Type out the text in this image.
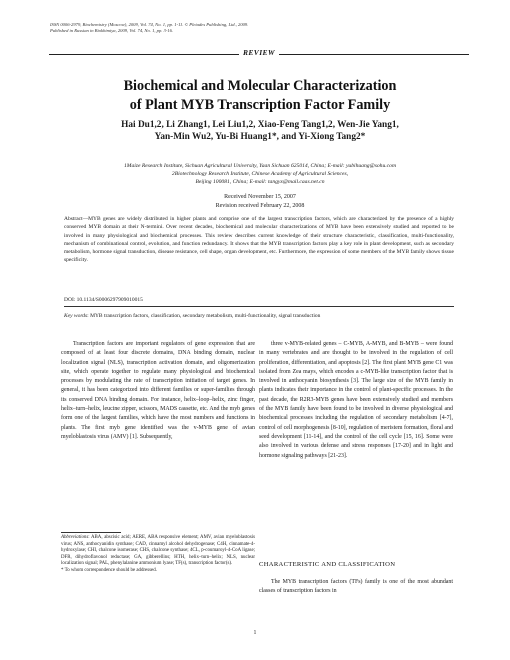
ISSN 0006-2979, Biochemistry (Moscow), 2009, Vol. 74, No. 1, pp. 1-11. © Pleiades Publishing, Ltd., 2009.
Published in Russian in Biokhimiya, 2009, Vol. 74, No. 1, pp. 3-16.
REVIEW
Biochemical and Molecular Characterization
of Plant MYB Transcription Factor Family
Hai Du1,2, Li Zhang1, Lei Liu1,2, Xiao-Feng Tang1,2, Wen-Jie Yang1,
Yan-Min Wu2, Yu-Bi Huang1*, and Yi-Xiong Tang2*
1Maize Research Institute, Sichuan Agricultural University, Yaan Sichuan 625014, China; E-mail: yubihuang@sohu.com
2Biotechnology Research Institute, Chinese Academy of Agricultural Sciences,
Beijing 100081, China; E-mail: tangyx@mail.caas.net.cn
Received November 15, 2007
Revision received February 22, 2008
Abstract—MYB genes are widely distributed in higher plants and comprise one of the largest transcription factors, which are characterized by the presence of a highly conserved MYB domain at their N-termini. Over recent decades, biochemical and molecular characterizations of MYB have been extensively studied and reported to be involved in many physiological and biochemical processes. This review describes current knowledge of their structure characteristic, classification, multi-functionality, mechanism of combinational control, evolution, and function redundancy. It shows that the MYB transcription factors play a key role in plant development, such as secondary metabolism, hormone signal transduction, disease resistance, cell shape, organ development, etc. Furthermore, the expression of some members of the MYB family shows tissue specificity.
DOI: 10.1134/S0006297909010015
Key words: MYB transcription factors, classification, secondary metabolism, multi-functionality, signal transduction

Transcription factors are important regulators of gene expression that are composed of at least four discrete domains, DNA binding domain, nuclear localization signal (NLS), transcription activation domain, and oligomerization site, which operate together to regulate many physiological and biochemical processes by modulating the rate of transcription initiation of target genes. In general, it has been categorized into different families or super-families through its conserved DNA binding domain. For instance, helix–loop–helix, zinc finger, helix–turn–helix, leucine zipper, scissors, MADS cassette, etc. And the myb genes form one of the largest families, which have the most numbers and functions in plants. The first myb gene identified was the v-MYB gene of avian myeloblastosis virus (AMV) [1]. Subsequently,

three v-MYB-related genes – C-MYB, A-MYB, and B-MYB – were found in many vertebrates and are thought to be involved in the regulation of cell proliferation, differentiation, and apoptosis [2]. The first plant MYB gene C1 was isolated from Zea mays, which encodes a c-MYB-like transcription factor that is involved in anthocyanin biosynthesis [3]. The large size of the MYB family in plants indicates their importance in the control of plant-specific processes. In the past decade, the R2R3-MYB genes have been extensively studied and members of the MYB family have been found to be involved in diverse physiological and biochemical processes including the regulation of secondary metabolism [4-7], control of cell morphogenesis [8-10], regulation of meristem formation, floral and seed development [11-14], and the control of the cell cycle [15, 16]. Some were also involved in various defense and stress responses [17-20] and in light and hormone signaling pathways [21-23].

Abbreviations: ABA, abscisic acid; AERE, ABA responsive element; AMV, avian myeloblastosis virus; ANS, anthocyanidin synthase; CAD, cinnamyl alcohol dehydrogenase; C4H, cinnamate-4-hydroxylase; CHI, chalcone isomerase; CHS, chalcone synthase; 4CL, p-coumaroyl-4-CoA ligase; DFR, dihydroflavonol reductase; GA, gibberellins; HTH, helix–turn–helix; NLS, nuclear localization signal; PAL, phenylalanine ammonium lyase; TF(s), transcription factor(s).

* To whom correspondence should be addressed.

CHARACTERISTIC AND CLASSIFICATION

The MYB transcription factors (TFs) family is one of the most abundant classes of transcription factors in

1
